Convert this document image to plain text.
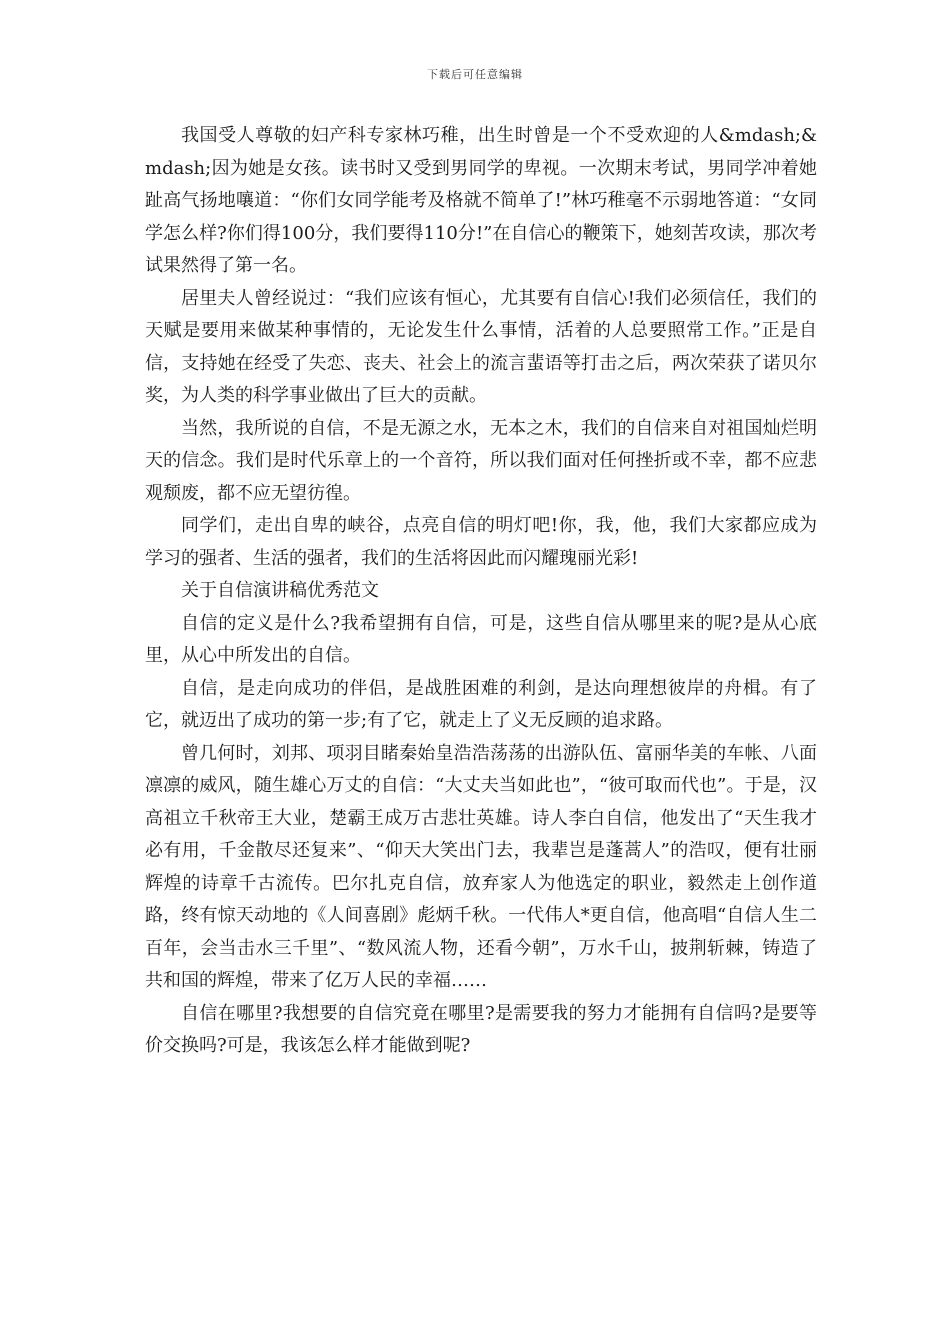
下载后可任意编辑

我国受人尊敬的妇产科专家林巧稚，出生时曾是一个不受欢迎的人&mdash;&mdash;因为她是女孩。读书时又受到男同学的卑视。一次期末考试，男同学冲着她趾高气扬地嚷道：“你们女同学能考及格就不简单了!”林巧稚毫不示弱地答道：“女同学怎么样?你们得100分，我们要得110分!”在自信心的鞭策下，她刻苦攻读，那次考试果然得了第一名。

居里夫人曾经说过：“我们应该有恒心，尤其要有自信心!我们必须信任，我们的天赋是要用来做某种事情的，无论发生什么事情，活着的人总要照常工作。”正是自信，支持她在经受了失恋、丧夫、社会上的流言蜚语等打击之后，两次荣获了诺贝尔奖，为人类的科学事业做出了巨大的贡献。

当然，我所说的自信，不是无源之水，无本之木，我们的自信来自对祖国灿烂明天的信念。我们是时代乐章上的一个音符，所以我们面对任何挫折或不幸，都不应悲观颓废，都不应无望彷徨。

同学们，走出自卑的峡谷，点亮自信的明灯吧!你，我，他，我们大家都应成为学习的强者、生活的强者，我们的生活将因此而闪耀瑰丽光彩!

关于自信演讲稿优秀范文

自信的定义是什么?我希望拥有自信，可是，这些自信从哪里来的呢?是从心底里，从心中所发出的自信。

自信，是走向成功的伴侣，是战胜困难的利剑，是达向理想彼岸的舟楫。有了它，就迈出了成功的第一步;有了它，就走上了义无反顾的追求路。

曾几何时，刘邦、项羽目睹秦始皇浩浩荡荡的出游队伍、富丽华美的车帐、八面凛凛的威风，随生雄心万丈的自信：“大丈夫当如此也”，“彼可取而代也”。于是，汉高祖立千秋帝王大业，楚霸王成万古悲壮英雄。诗人李白自信，他发出了“天生我才必有用，千金散尽还复来”、“仰天大笑出门去，我辈岂是蓬蒿人”的浩叹，便有壮丽辉煌的诗章千古流传。巴尔扎克自信，放弃家人为他选定的职业，毅然走上创作道路，终有惊天动地的《人间喜剧》彪炳千秋。一代伟人*更自信，他高唱“自信人生二百年，会当击水三千里”、“数风流人物，还看今朝”，万水千山，披荆斩棘，铸造了共和国的辉煌，带来了亿万人民的幸福……

自信在哪里?我想要的自信究竟在哪里?是需要我的努力才能拥有自信吗?是要等价交换吗?可是，我该怎么样才能做到呢?
